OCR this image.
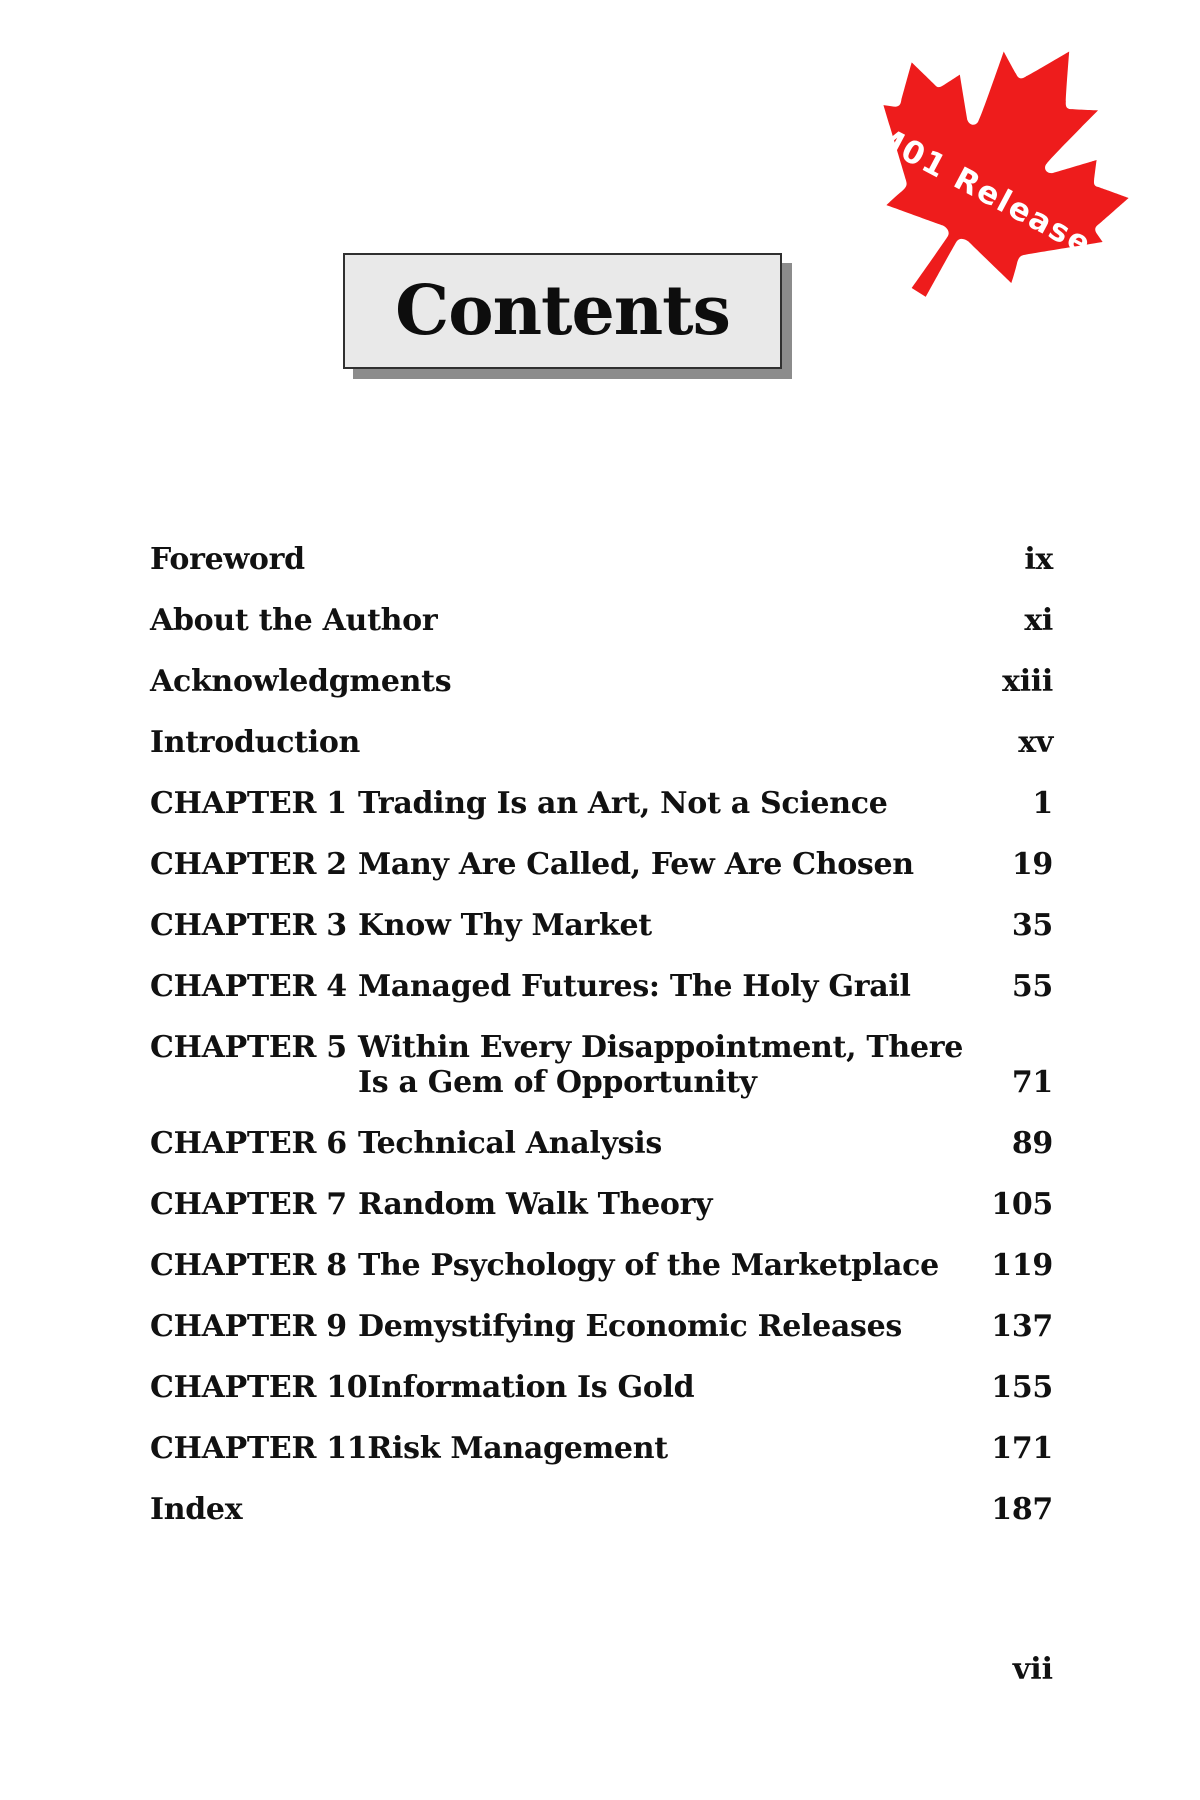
M01 Release
Contents
Foreword	ix
About the Author	xi
Acknowledgments	xiii
Introduction	xv
CHAPTER 1 Trading Is an Art, Not a Science	1
CHAPTER 2 Many Are Called, Few Are Chosen	19
CHAPTER 3 Know Thy Market	35
CHAPTER 4 Managed Futures: The Holy Grail	55
CHAPTER 5 Within Every Disappointment, There
Is a Gem of Opportunity	71
CHAPTER 6 Technical Analysis	89
CHAPTER 7 Random Walk Theory	105
CHAPTER 8 The Psychology of the Marketplace	119
CHAPTER 9 Demystifying Economic Releases	137
CHAPTER 10 Information Is Gold	155
CHAPTER 11 Risk Management	171
Index	187
vii
